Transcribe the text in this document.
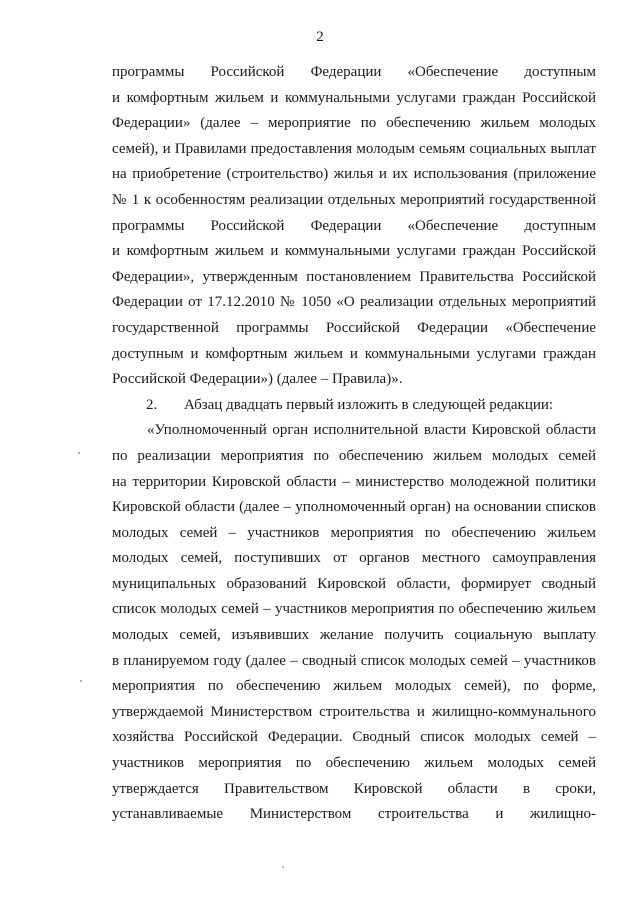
2
программы Российской Федерации «Обеспечение доступным
и комфортным жильем и коммунальными услугами граждан Российской
Федерации» (далее – мероприятие по обеспечению жильем молодых
семей), и Правилами предоставления молодым семьям социальных выплат
на приобретение (строительство) жилья и их использования (приложение
№ 1 к особенностям реализации отдельных мероприятий государственной
программы Российской Федерации «Обеспечение доступным
и комфортным жильем и коммунальными услугами граждан Российской
Федерации», утвержденным постановлением Правительства Российской
Федерации от 17.12.2010 № 1050 «О реализации отдельных мероприятий
государственной программы Российской Федерации «Обеспечение
доступным и комфортным жильем и коммунальными услугами граждан
Российской Федерации») (далее – Правила)».
2. Абзац двадцать первый изложить в следующей редакции:
«Уполномоченный орган исполнительной власти Кировской области
по реализации мероприятия по обеспечению жильем молодых семей
на территории Кировской области – министерство молодежной политики
Кировской области (далее – уполномоченный орган) на основании списков
молодых семей – участников мероприятия по обеспечению жильем
молодых семей, поступивших от органов местного самоуправления
муниципальных образований Кировской области, формирует сводный
список молодых семей – участников мероприятия по обеспечению жильем
молодых семей, изъявивших желание получить социальную выплату
в планируемом году (далее – сводный список молодых семей – участников
мероприятия по обеспечению жильем молодых семей), по форме,
утверждаемой Министерством строительства и жилищно-коммунального
хозяйства Российской Федерации. Сводный список молодых семей –
участников мероприятия по обеспечению жильем молодых семей
утверждается Правительством Кировской области в сроки,
устанавливаемые Министерством строительства и жилищно-
